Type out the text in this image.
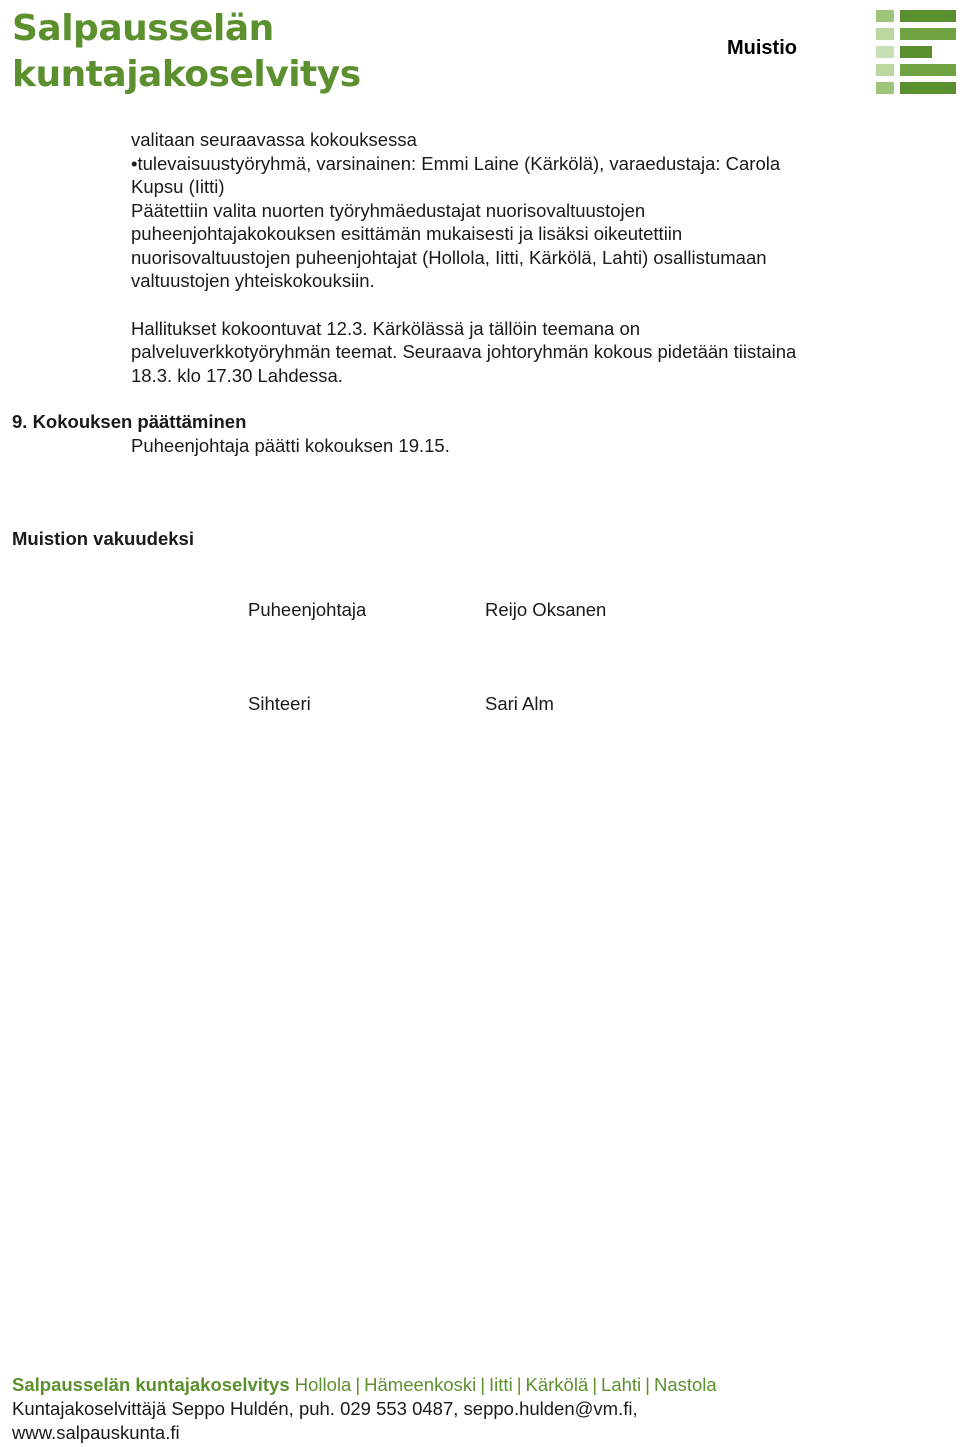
Salpausselän
kuntajakoselvitys
Muistio

valitaan seuraavassa kokouksessa

•tulevaisuustyöryhmä, varsinainen: Emmi Laine (Kärkölä), varaedustaja: Carola

Kupsu (Iitti)

Päätettiin valita nuorten työryhmäedustajat nuorisovaltuustojen

puheenjohtajakokouksen esittämän mukaisesti ja lisäksi oikeutettiin

nuorisovaltuustojen puheenjohtajat (Hollola, Iitti, Kärkölä, Lahti) osallistumaan

valtuustojen yhteiskokouksiin.

Hallitukset kokoontuvat 12.3. Kärkölässä ja tällöin teemana on

palveluverkkotyöryhmän teemat. Seuraava johtoryhmän kokous pidetään tiistaina

18.3. klo 17.30 Lahdessa.

9. Kokouksen päättäminen
Puheenjohtaja päätti kokouksen 19.15.
Muistion vakuudeksi
Puheenjohtaja	Reijo Oksanen
Sihteeri	Sari Alm
Salpausselän kuntajakoselvitys Hollola | Hämeenkoski | Iitti | Kärkölä | Lahti | Nastola
Kuntajakoselvittäjä Seppo Huldén, puh. 029 553 0487, seppo.hulden@vm.fi,
www.salpauskunta.fi
